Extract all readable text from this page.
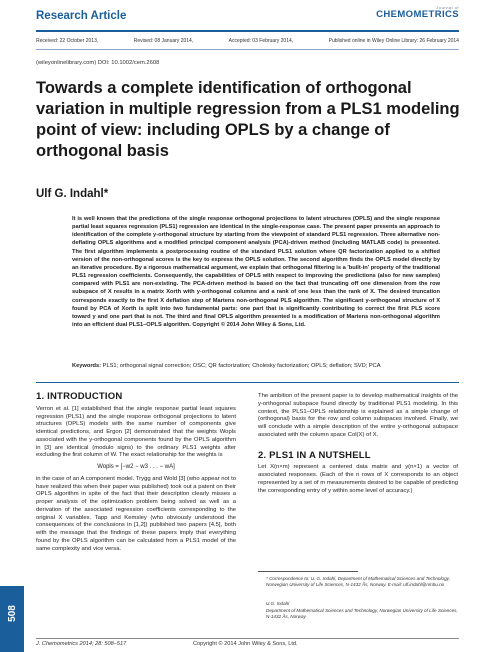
Research Article
Journal of
CHEMOMETRICS
Received: 22 October 2013,	Revised: 08 January 2014,	Accepted: 03 February 2014,	Published online in Wiley Online Library: 26 February 2014
(wileyonlinelibrary.com) DOI: 10.1002/cem.2608
Towards a complete identification of orthogonal variation in multiple regression from a PLS1 modeling point of view: including OPLS by a change of orthogonal basis
Ulf G. Indahl*
It is well known that the predictions of the single response orthogonal projections to latent structures (OPLS) and the single response partial least squares regression (PLS1) regression are identical in the single-response case. The present paper presents an approach to identification of the complete y-orthogonal structure by starting from the viewpoint of standard PLS1 regression. Three alternative non-deflating OPLS algorithms and a modified principal component analysis (PCA)-driven method (including MATLAB code) is presented. The first algorithm implements a postprocessing routine of the standard PLS1 solution where QR factorization applied to a shifted version of the non-orthogonal scores is the key to express the OPLS solution. The second algorithm finds the OPLS model directly by an iterative procedure. By a rigorous mathematical argument, we explain that orthogonal filtering is a 'built-in' property of the traditional PLS1 regression coefficients. Consequently, the capabilities of OPLS with respect to improving the predictions (also for new samples) compared with PLS1 are non-existing. The PCA-driven method is based on the fact that truncating off one dimension from the row subspace of X results in a matrix Xorth with y-orthogonal columns and a rank of one less than the rank of X. The desired truncation corresponds exactly to the first X deflation step of Martens non-orthogonal PLS algorithm. The significant y-orthogonal structure of X found by PCA of Xorth is split into two fundamental parts: one part that is significantly contributing to correct the first PLS score toward y and one part that is not. The third and final OPLS algorithm presented is a modification of Martens non-orthogonal algorithm into an efficient dual PLS1–OPLS algorithm. Copyright © 2014 John Wiley & Sons, Ltd.
Keywords: PLS1; orthogonal signal correction; OSC; QR factorization; Cholesky factorization; OPLS; deflation; SVD; PCA
1. INTRODUCTION

Verron et al. [1] established that the single response partial least squares regression (PLS1) and the single response orthogonal projections to latent structures (OPLS) models with the same number of components give identical predictions, and Ergon [2] demonstrated that the weights Wopls associated with the y-orthogonal components found by the OPLS algorithm in [3] are identical (modulo signs) to the ordinary PLS1 weights after excluding the first column of W. The exact relationship for the weights is

Wopls = [−w2 − w3 . . . − wA]

in the case of an A component model. Trygg and Wold [3] (who appear not to have realized this when their paper was published) took out a patent on their OPLS algorithm in spite of the fact that their description clearly misses a proper analysis of the optimization problem being solved as well as a derivation of the associated regression coefficients corresponding to the original X variables. Tapp and Kemsley (who obviously understood the consequences of the conclusions in [1,2]) published two papers [4,5], both with the message that the findings of these papers imply that everything found by the OPLS algorithm can be calculated from a PLS1 model of the same complexity and vice versa.

The ambition of the present paper is to develop mathematical insights of the y-orthogonal subspace found directly by traditional PLS1 modeling. In this context, the PLS1–OPLS relationship is explained as a simple change of (orthogonal) basis for the row and column subspaces involved. Finally, we will conclude with a simple description of the entire y-orthogonal subspace associated with the column space Col(X) of X.

2. PLS1 IN A NUTSHELL

Let X(n×m) represent a centered data matrix and y(n×1) a vector of associated responses. (Each of the n rows of X corresponds to an object represented by a set of m measurements desired to be capable of predicting the corresponding entry of y within some level of accuracy.)

* Correspondence to: U. G. Indahl, Department of Mathematical Sciences and Technology, Norwegian University of Life Sciences, N-1432 Ås, Norway. E-mail: ulf.indahl@nmbu.no
U.G. Indahl
Department of Mathematical Sciences and Technology, Norwegian University of Life Sciences, N-1432 Ås, Norway
J. Chemometrics 2014; 28: 508–517	Copyright © 2014 John Wiley & Sons, Ltd.
508
